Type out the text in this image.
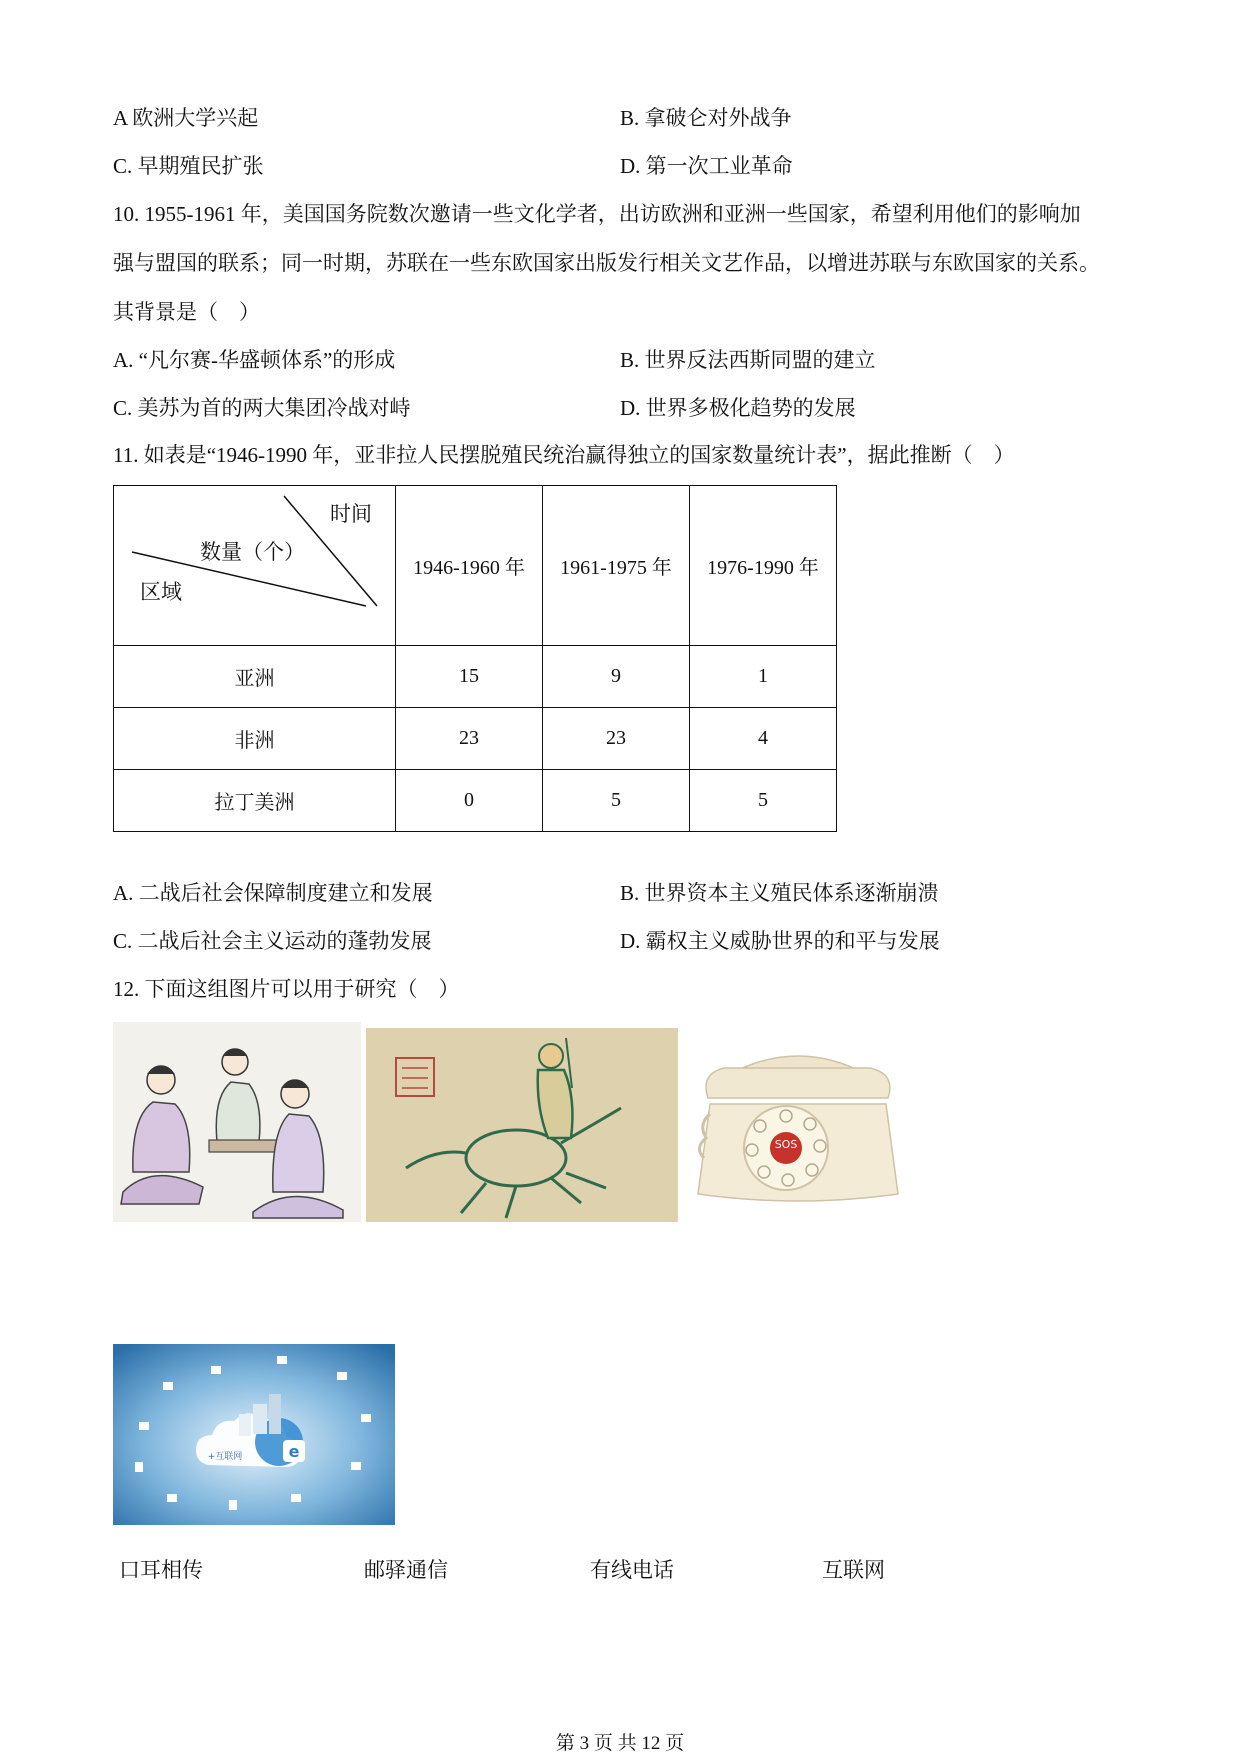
A 欧洲大学兴起	B. 拿破仑对外战争
C. 早期殖民扩张	D. 第一次工业革命
10. 1955-1961 年，美国国务院数次邀请一些文化学者，出访欧洲和亚洲一些国家，希望利用他们的影响加
强与盟国的联系；同一时期，苏联在一些东欧国家出版发行相关文艺作品，以增进苏联与东欧国家的关系。
其背景是（　）
A. “凡尔赛-华盛顿体系”的形成	B. 世界反法西斯同盟的建立
C. 美苏为首的两大集团冷战对峙	D. 世界多极化趋势的发展
11. 如表是“1946-1990 年，亚非拉人民摆脱殖民统治赢得独立的国家数量统计表”，据此推断（　）
时间
数量（个）
区域	1946-1960 年	1961-1975 年	1976-1990 年
亚洲	15	9	1
非洲	23	23	4
拉丁美洲	0	5	5
A. 二战后社会保障制度建立和发展	B. 世界资本主义殖民体系逐渐崩溃
C. 二战后社会主义运动的蓬勃发展	D. 霸权主义威胁世界的和平与发展
12. 下面这组图片可以用于研究（　）
SOS
e
+互联网
口耳相传	邮驿通信	有线电话	互联网
第 3 页 共 12 页
